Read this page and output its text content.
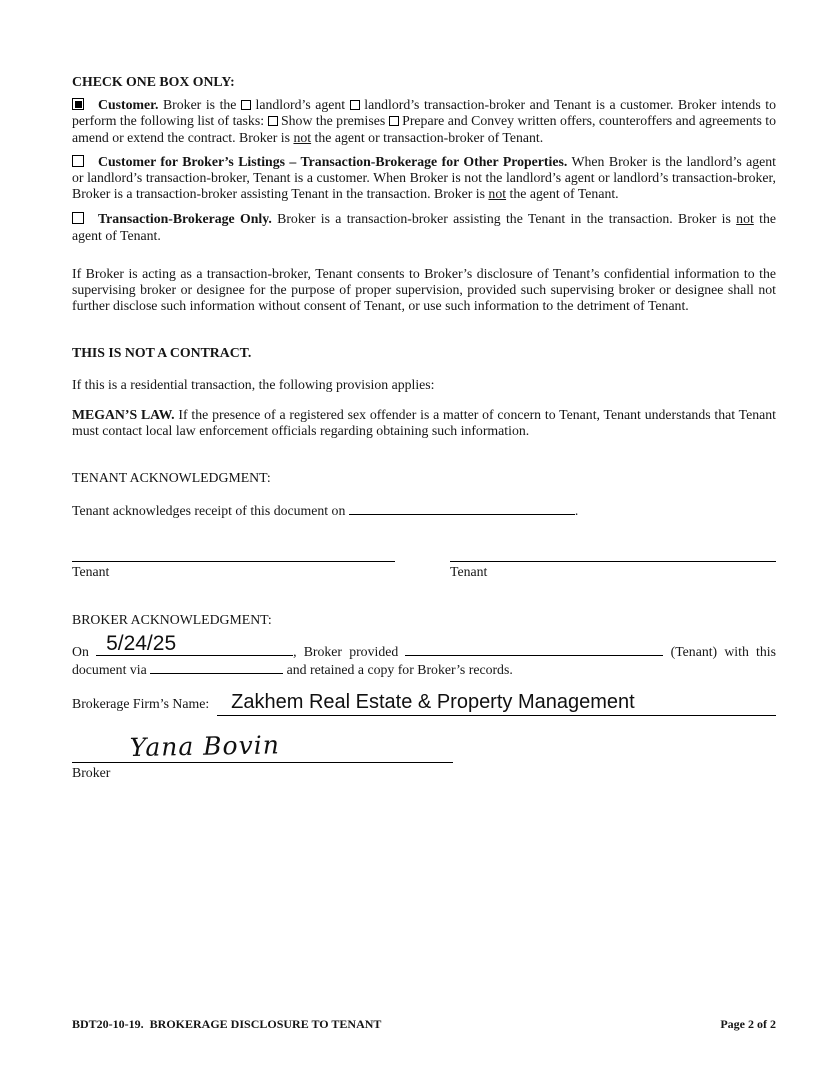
CHECK ONE BOX ONLY:

Customer. Broker is the landlord’s agent landlord’s transaction-broker and Tenant is a customer. Broker intends to perform the following list of tasks: Show the premises Prepare and Convey written offers, counteroffers and agreements to amend or extend the contract. Broker is not the agent or transaction-broker of Tenant.

Customer for Broker’s Listings – Transaction-Brokerage for Other Properties. When Broker is the landlord’s agent or landlord’s transaction-broker, Tenant is a customer. When Broker is not the landlord’s agent or landlord’s transaction-broker, Broker is a transaction-broker assisting Tenant in the transaction. Broker is not the agent of Tenant.

Transaction-Brokerage Only. Broker is a transaction-broker assisting the Tenant in the transaction. Broker is not the agent of Tenant.

If Broker is acting as a transaction-broker, Tenant consents to Broker’s disclosure of Tenant’s confidential information to the supervising broker or designee for the purpose of proper supervision, provided such supervising broker or designee shall not further disclose such information without consent of Tenant, or use such information to the detriment of Tenant.

THIS IS NOT A CONTRACT.

If this is a residential transaction, the following provision applies:

MEGAN’S LAW. If the presence of a registered sex offender is a matter of concern to Tenant, Tenant understands that Tenant must contact local law enforcement officials regarding obtaining such information.

TENANT ACKNOWLEDGMENT:

Tenant acknowledges receipt of this document on	.

Tenant	Tenant

BROKER ACKNOWLEDGMENT:

On 5/24/25	, Broker provided	(Tenant) with this document via	and retained a copy for Broker’s records.

Brokerage Firm’s Name:	Zakhem Real Estate & Property Management
Yana Bovin
Broker
BDT20-10-19.  BROKERAGE DISCLOSURE TO TENANT	Page 2 of 2
